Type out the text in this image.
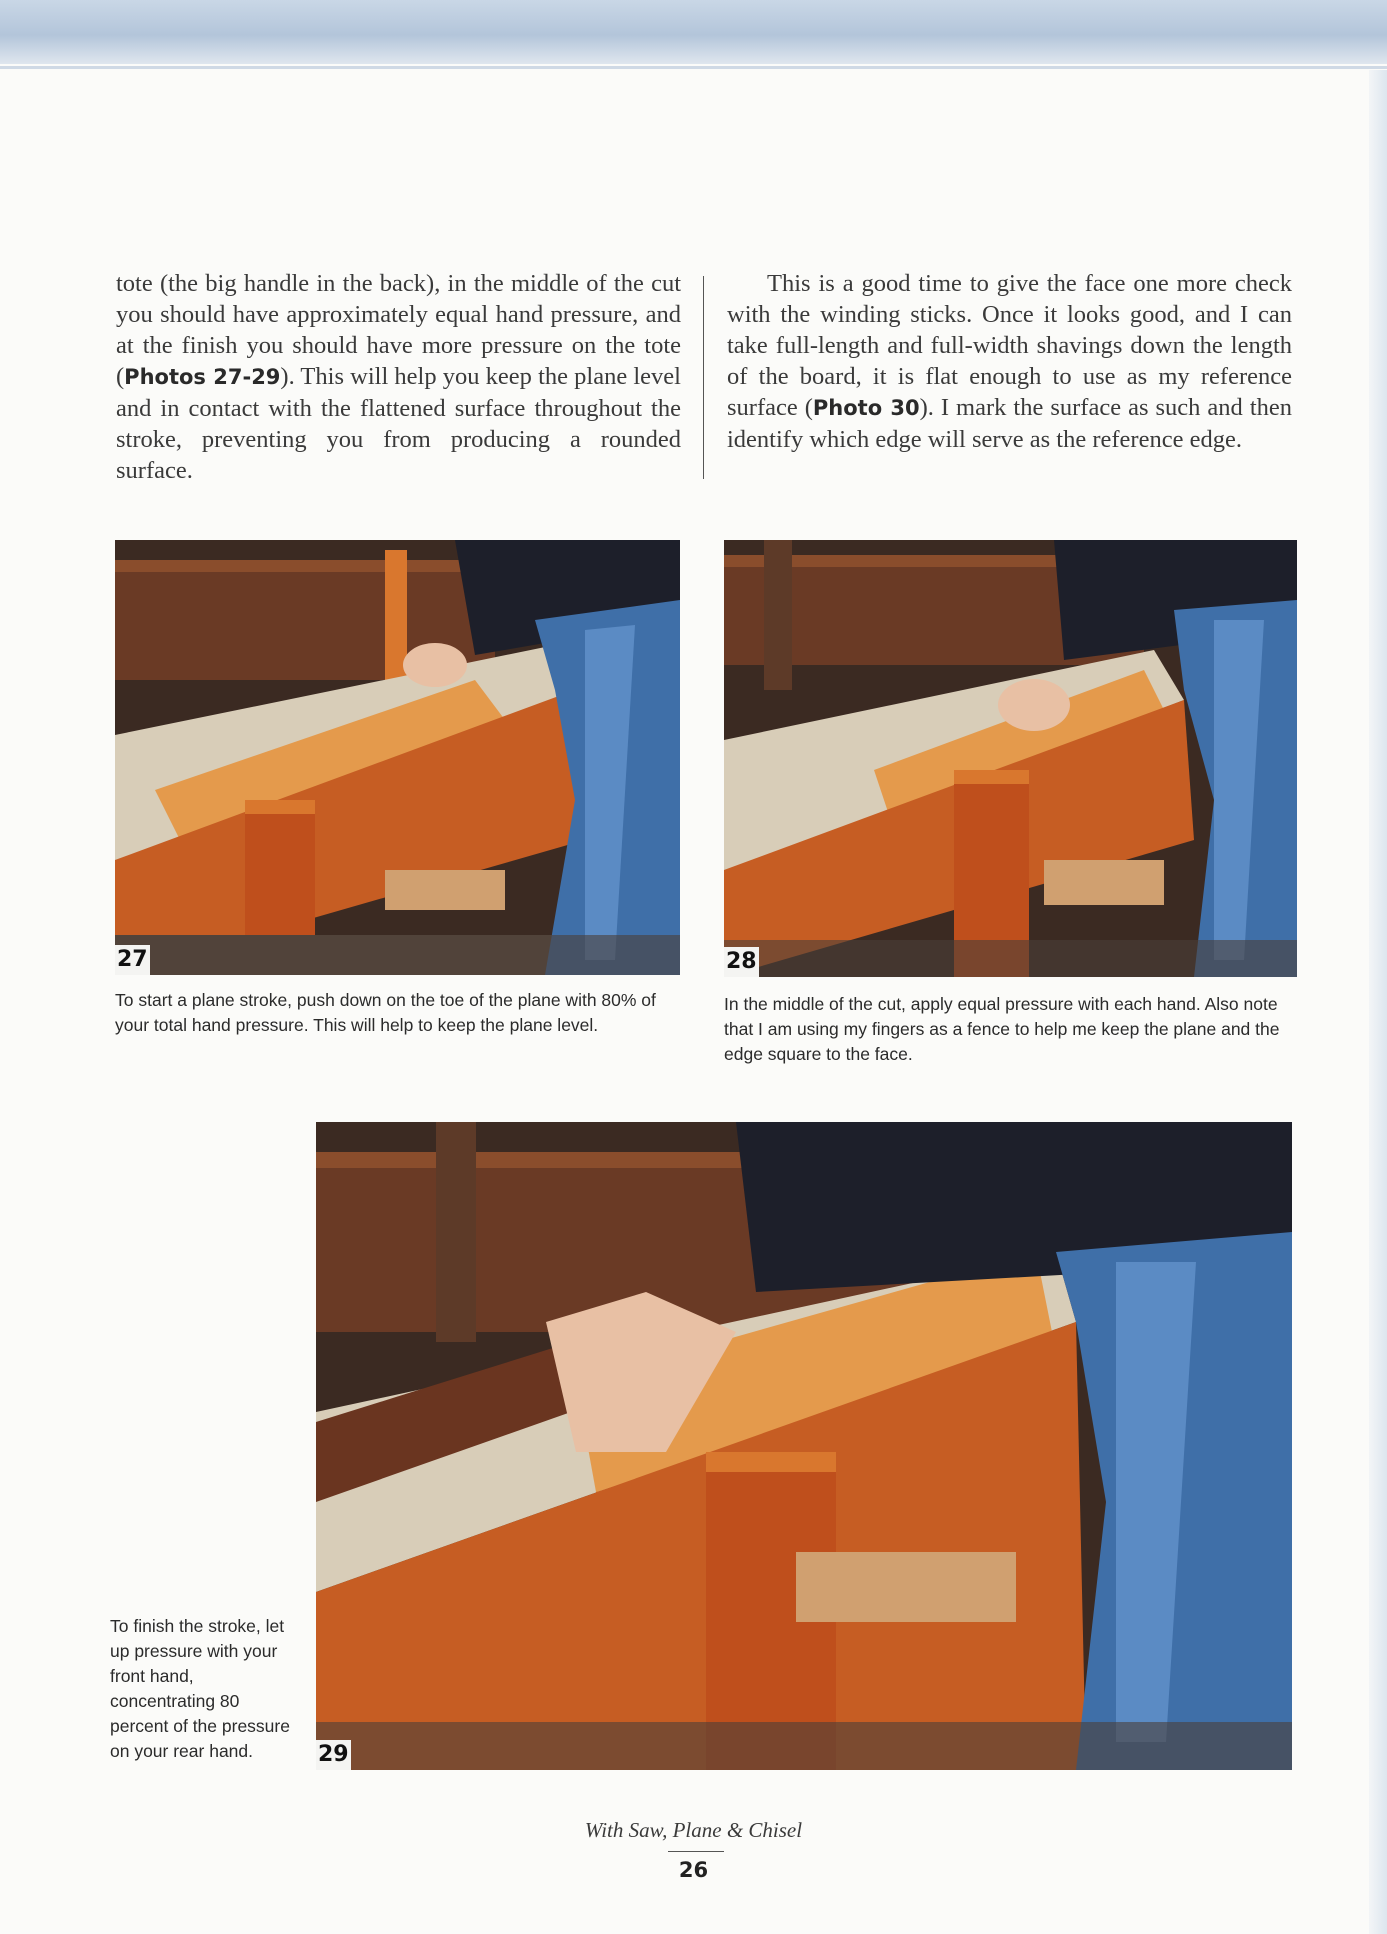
tote (the big handle in the back), in the middle of the cut you should have approximately equal hand pressure, and at the finish you should have more pressure on the tote (Photos 27-29). This will help you keep the plane level and in contact with the flattened surface throughout the stroke, preventing you from producing a rounded surface.

This is a good time to give the face one more check with the winding sticks. Once it looks good, and I can take full-length and full-width shavings down the length of the board, it is flat enough to use as my reference surface (Photo 30). I mark the surface as such and then identify which edge will serve as the reference edge.

27

To start a plane stroke, push down on the toe of the plane with 80% of your total hand pressure. This will help to keep the plane level.

28

In the middle of the cut, apply equal pressure with each hand. Also note that I am using my fingers as a fence to help me keep the plane and the edge square to the face.

29

To finish the stroke, let up pressure with your front hand, concentrating 80 percent of the pressure on your rear hand.

With Saw, Plane & Chisel
26
